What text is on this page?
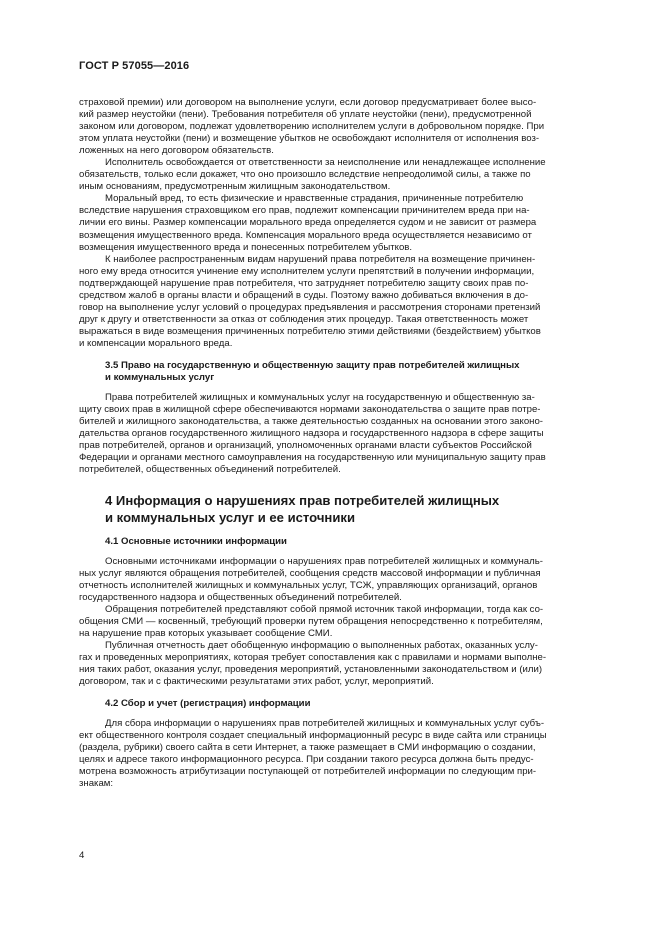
ГОСТ Р 57055—2016

страховой премии) или договором на выполнение услуги, если договор предусматривает более высо-
кий размер неустойки (пени). Требования потребителя об уплате неустойки (пени), предусмотренной
законом или договором, подлежат удовлетворению исполнителем услуги в добровольном порядке. При
этом уплата неустойки (пени) и возмещение убытков не освобождают исполнителя от исполнения воз-
ложенных на него договором обязательств.

Исполнитель освобождается от ответственности за неисполнение или ненадлежащее исполнение
обязательств, только если докажет, что оно произошло вследствие непреодолимой силы, а также по
иным основаниям, предусмотренным жилищным законодательством.

Моральный вред, то есть физические и нравственные страдания, причиненные потребителю
вследствие нарушения страховщиком его прав, подлежит компенсации причинителем вреда при на-
личии его вины. Размер компенсации морального вреда определяется судом и не зависит от размера
возмещения имущественного вреда. Компенсация морального вреда осуществляется независимо от
возмещения имущественного вреда и понесенных потребителем убытков.

К наиболее распространенным видам нарушений права потребителя на возмещение причинен-
ного ему вреда относится учинение ему исполнителем услуги препятствий в получении информации,
подтверждающей нарушение прав потребителя, что затрудняет потребителю защиту своих прав по-
средством жалоб в органы власти и обращений в суды. Поэтому важно добиваться включения в до-
говор на выполнение услуг условий о процедурах предъявления и рассмотрения сторонами претензий
друг к другу и ответственности за отказ от соблюдения этих процедур. Такая ответственность может
выражаться в виде возмещения причиненных потребителю этими действиями (бездействием) убытков
и компенсации морального вреда.

3.5 Право на государственную и общественную защиту прав потребителей жилищных
и коммунальных услуг

Права потребителей жилищных и коммунальных услуг на государственную и общественную за-
щиту своих прав в жилищной сфере обеспечиваются нормами законодательства о защите прав потре-
бителей и жилищного законодательства, а также деятельностью созданных на основании этого законо-
дательства органов государственного жилищного надзора и государственного надзора в сфере защиты
прав потребителей, органов и организаций, уполномоченных органами власти субъектов Российской
Федерации и органами местного самоуправления на государственную или муниципальную защиту прав
потребителей, общественных объединений потребителей.

4 Информация о нарушениях прав потребителей жилищных
и коммунальных услуг и ее источники
4.1 Основные источники информации

Основными источниками информации о нарушениях прав потребителей жилищных и коммуналь-
ных услуг являются обращения потребителей, сообщения средств массовой информации и публичная
отчетность исполнителей жилищных и коммунальных услуг, ТСЖ, управляющих организаций, органов
государственного надзора и общественных объединений потребителей.

Обращения потребителей представляют собой прямой источник такой информации, тогда как со-
общения СМИ — косвенный, требующий проверки путем обращения непосредственно к потребителям,
на нарушение прав которых указывает сообщение СМИ.

Публичная отчетность дает обобщенную информацию о выполненных работах, оказанных услу-
гах и проведенных мероприятиях, которая требует сопоставления как с правилами и нормами выполне-
ния таких работ, оказания услуг, проведения мероприятий, установленными законодательством и (или)
договором, так и с фактическими результатами этих работ, услуг, мероприятий.

4.2 Сбор и учет (регистрация) информации

Для сбора информации о нарушениях прав потребителей жилищных и коммунальных услуг субъ-
ект общественного контроля создает специальный информационный ресурс в виде сайта или страницы
(раздела, рубрики) своего сайта в сети Интернет, а также размещает в СМИ информацию о создании,
целях и адресе такого информационного ресурса. При создании такого ресурса должна быть предус-
мотрена возможность атрибутизации поступающей от потребителей информации по следующим при-
знакам:

4
